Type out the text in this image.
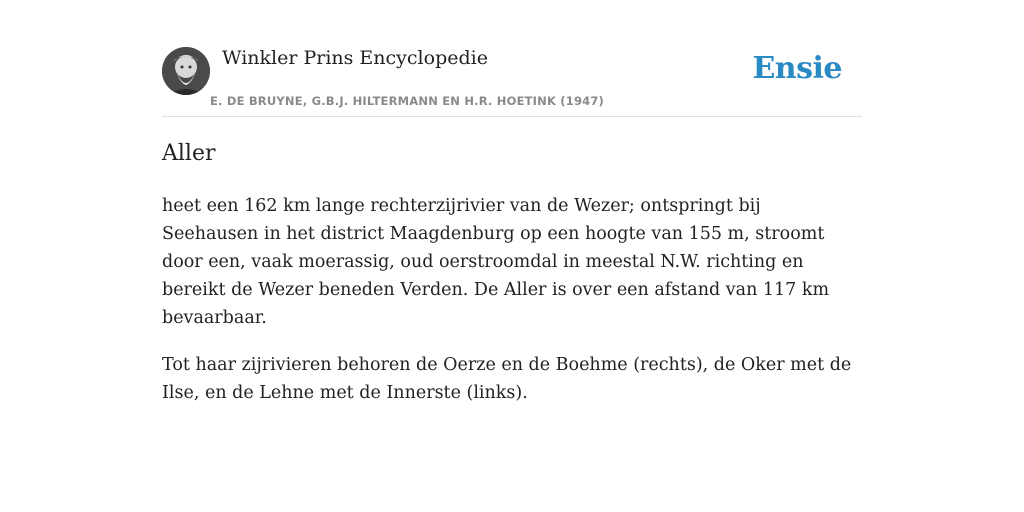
Winkler Prins Encyclopedie
E. DE BRUYNE, G.B.J. HILTERMANN EN H.R. HOETINK (1947)
Ensie
Aller

heet een 162 km lange rechterzijrivier van de Wezer; ontspringt bij Seehausen in het district Maagdenburg op een hoogte van 155 m, stroomt door een, vaak moerassig, oud oerstroomdal in meestal N.W. richting en bereikt de Wezer beneden Verden. De Aller is over een afstand van 117 km bevaarbaar.

Tot haar zijrivieren behoren de Oerze en de Boehme (rechts), de Oker met de Ilse, en de Lehne met de Innerste (links).
